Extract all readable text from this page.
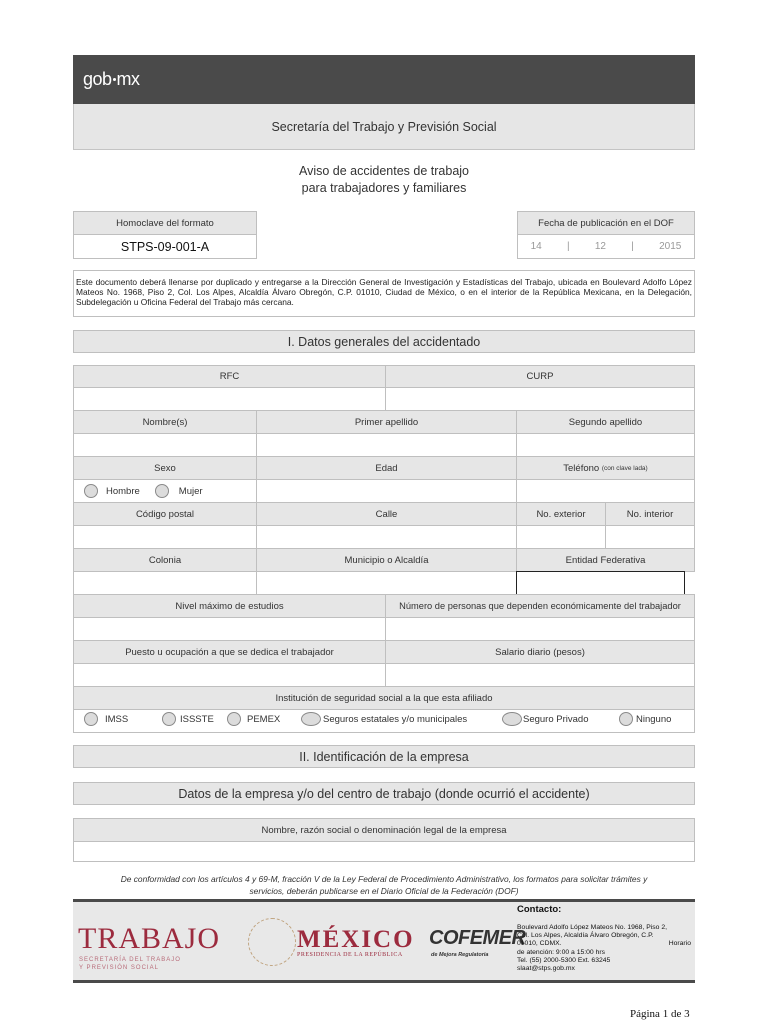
gob mx
Secretaría del Trabajo y Previsión Social
Aviso de accidentes de trabajo
para trabajadores y familiares
Homoclave del formato
STPS-09-001-A
Fecha de publicación en el DOF
14	|	12	|	2015
Este documento deberá llenarse por duplicado y entregarse a la Dirección General de Investigación y Estadísticas del Trabajo, ubicada en Boulevard Adolfo López Mateos No. 1968, Piso 2, Col. Los Alpes, Alcaldía Álvaro Obregón, C.P. 01010, Ciudad de México, o en el interior de la República Mexicana, en la Delegación, Subdelegación u Oficina Federal del Trabajo más cercana.
I. Datos generales del accidentado
RFC	CURP
Nombre(s)	Primer apellido	Segundo apellido
Sexo	Edad	Teléfono
(con clave lada)
Hombre	Mujer
Código postal	Calle	No. exterior	No. interior
Colonia	Municipio o Alcaldía	Entidad Federativa
Nivel máximo de estudios	Número de personas que dependen económicamente del trabajador
Puesto u ocupación a que se dedica el trabajador	Salario diario (pesos)
Institución de seguridad social a la que esta afiliado
IMSS	ISSSTE	PEMEX	Seguros estatales y/o municipales	Seguro Privado	Ninguno
II. Identificación de la empresa
Datos de la empresa y/o del centro de trabajo (donde ocurrió el accidente)
Nombre, razón social o denominación legal de la empresa
De conformidad con los artículos 4 y 69-M, fracción V de la Ley Federal de Procedimiento Administrativo, los formatos para solicitar trámites y
servicios, deberán publicarse en el Diario Oficial de la Federación (DOF)
TRABAJO
SECRETARÍA DEL TRABAJO
Y PREVISIÓN SOCIAL
MÉXICO
PRESIDENCIA DE LA REPÚBLICA
COFEMER
de Mejora Regulatoria
Contacto:
Boulevard Adolfo López Mateos No. 1968, Piso 2,
Col. Los Alpes, Alcaldía Álvaro Obregón, C.P.
01010, CDMX.	Horario
de atención: 9:00 a 15:00 hrs
Tel. (55) 2000-5300 Ext. 63245
slaat@stps.gob.mx
Página 1 de 3
